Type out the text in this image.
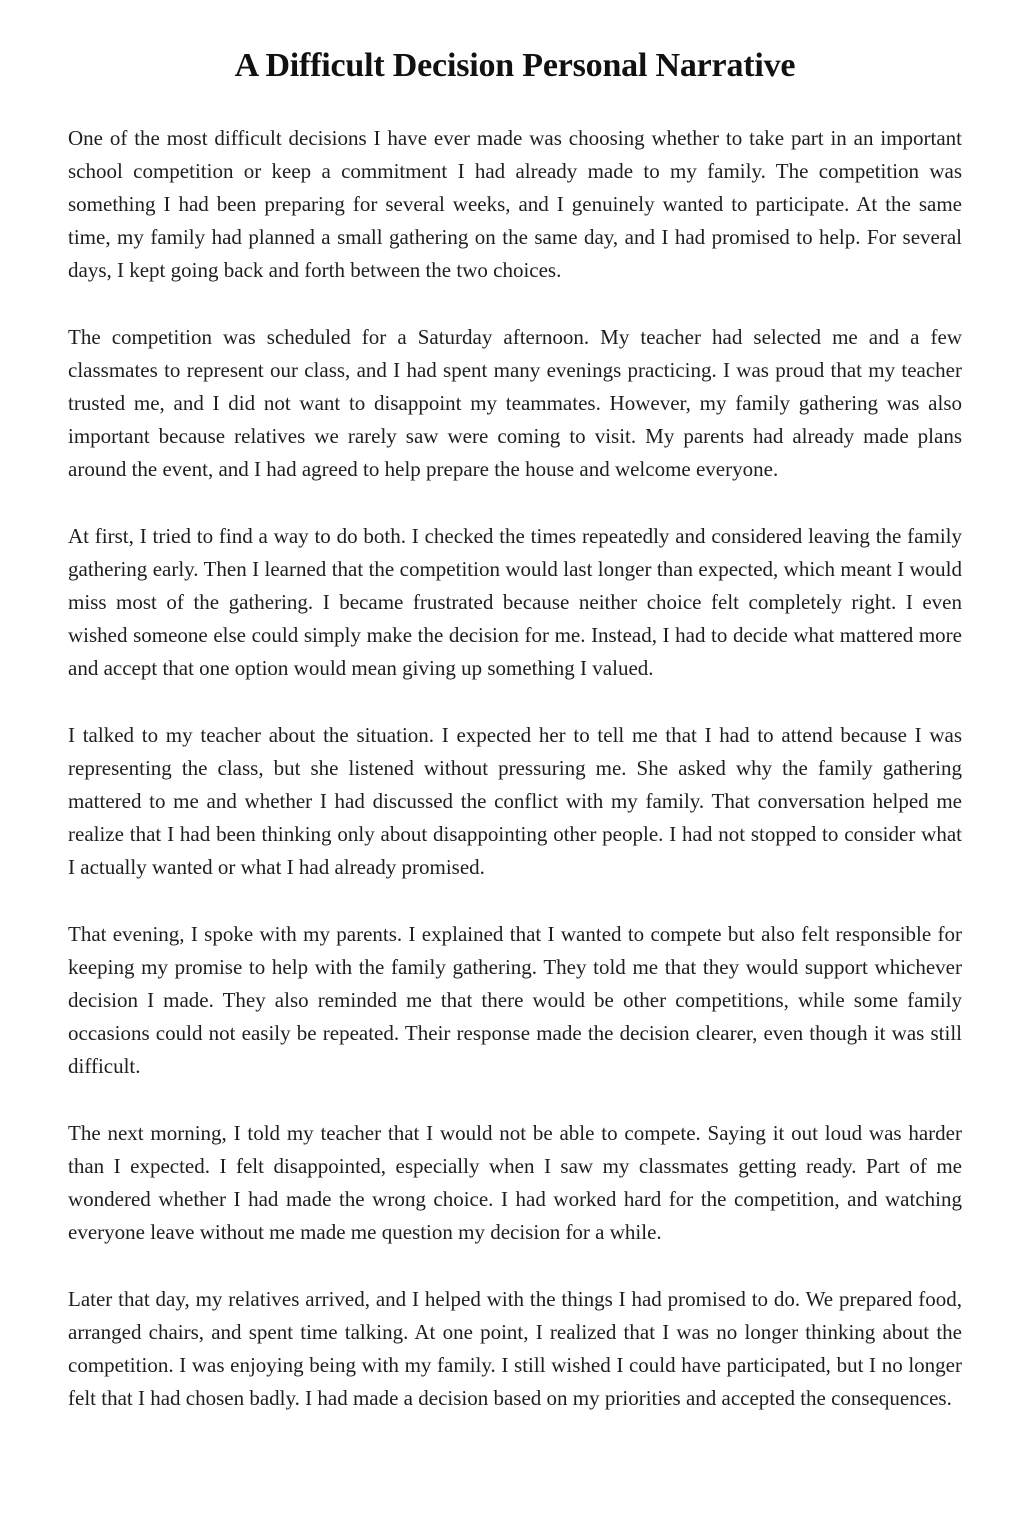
A Difficult Decision Personal Narrative

One of the most difficult decisions I have ever made was choosing whether to take part in an important school competition or keep a commitment I had already made to my family. The competition was something I had been preparing for several weeks, and I genuinely wanted to participate. At the same time, my family had planned a small gathering on the same day, and I had promised to help. For several days, I kept going back and forth between the two choices.

The competition was scheduled for a Saturday afternoon. My teacher had selected me and a few classmates to represent our class, and I had spent many evenings practicing. I was proud that my teacher trusted me, and I did not want to disappoint my teammates. However, my family gathering was also important because relatives we rarely saw were coming to visit. My parents had already made plans around the event, and I had agreed to help prepare the house and welcome everyone.

At first, I tried to find a way to do both. I checked the times repeatedly and considered leaving the family gathering early. Then I learned that the competition would last longer than expected, which meant I would miss most of the gathering. I became frustrated because neither choice felt completely right. I even wished someone else could simply make the decision for me. Instead, I had to decide what mattered more and accept that one option would mean giving up something I valued.

I talked to my teacher about the situation. I expected her to tell me that I had to attend because I was representing the class, but she listened without pressuring me. She asked why the family gathering mattered to me and whether I had discussed the conflict with my family. That conversation helped me realize that I had been thinking only about disappointing other people. I had not stopped to consider what I actually wanted or what I had already promised.

That evening, I spoke with my parents. I explained that I wanted to compete but also felt responsible for keeping my promise to help with the family gathering. They told me that they would support whichever decision I made. They also reminded me that there would be other competitions, while some family occasions could not easily be repeated. Their response made the decision clearer, even though it was still difficult.

The next morning, I told my teacher that I would not be able to compete. Saying it out loud was harder than I expected. I felt disappointed, especially when I saw my classmates getting ready. Part of me wondered whether I had made the wrong choice. I had worked hard for the competition, and watching everyone leave without me made me question my decision for a while.

Later that day, my relatives arrived, and I helped with the things I had promised to do. We prepared food, arranged chairs, and spent time talking. At one point, I realized that I was no longer thinking about the competition. I was enjoying being with my family. I still wished I could have participated, but I no longer felt that I had chosen badly. I had made a decision based on my priorities and accepted the consequences.
